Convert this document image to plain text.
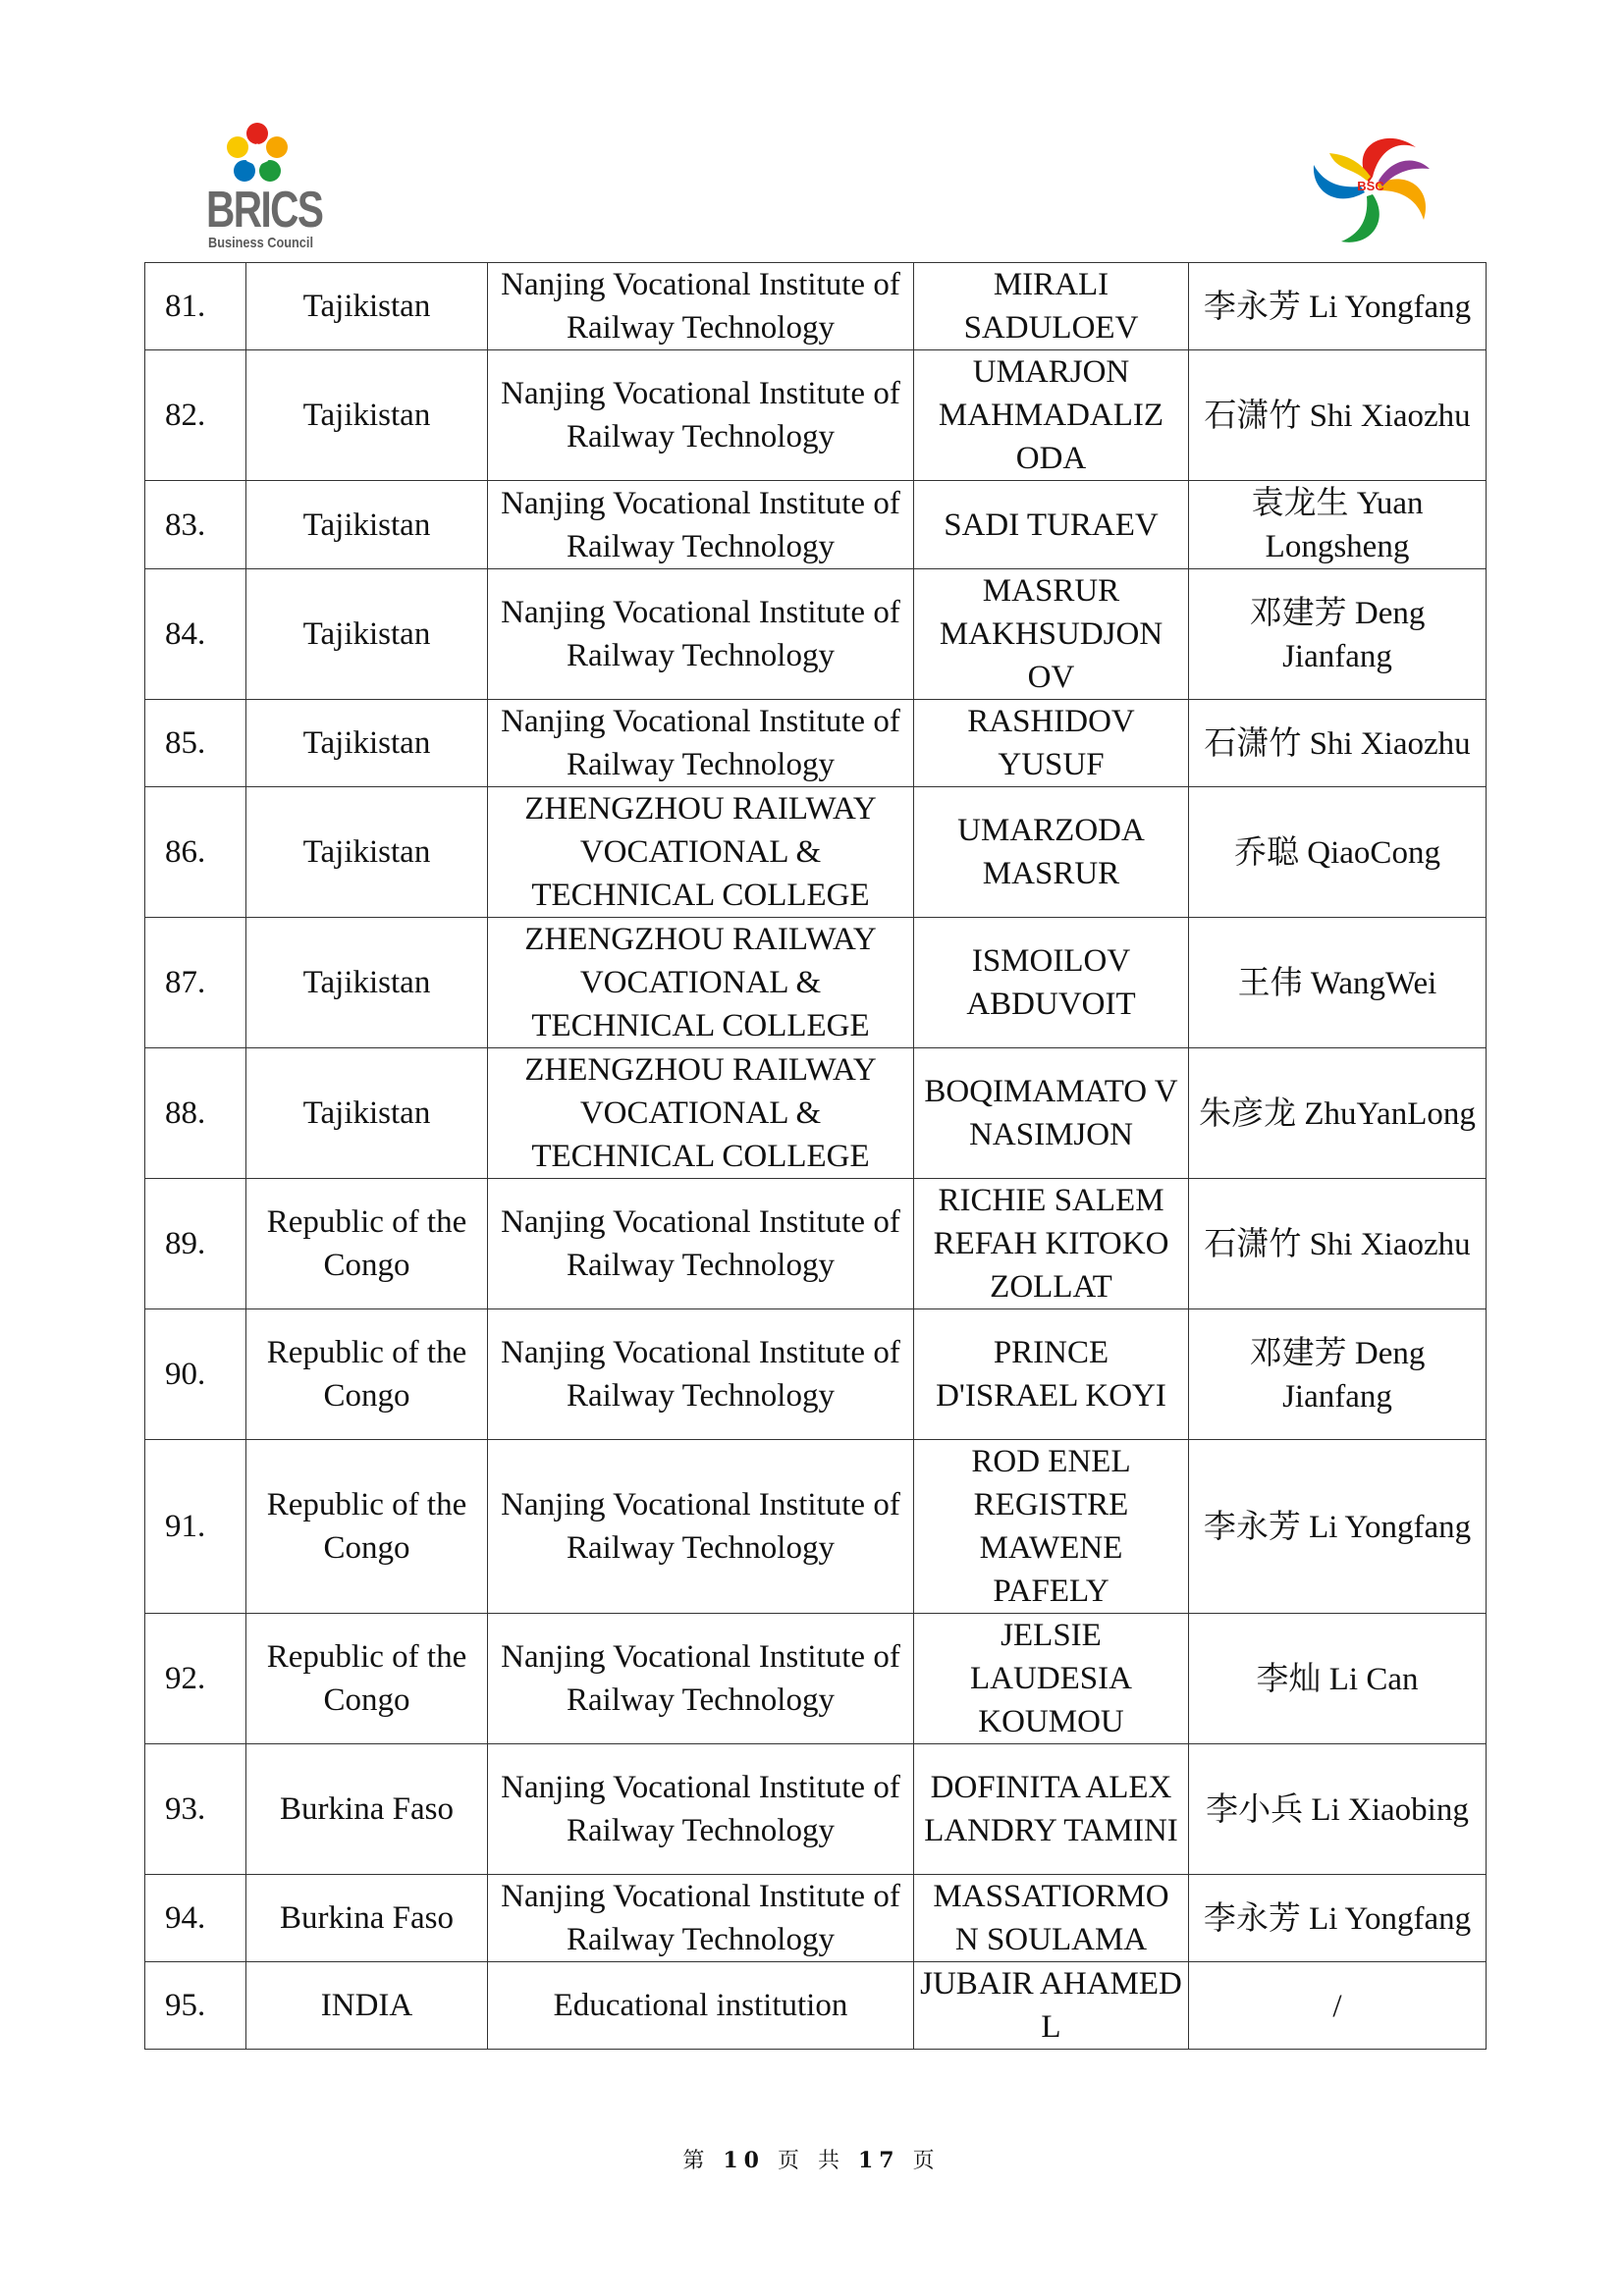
BRICS
Business Council
BSC
81.	Tajikistan	Nanjing Vocational Institute of Railway Technology	MIRALI SADULOEV	李永芳 Li Yongfang
82.	Tajikistan	Nanjing Vocational Institute of Railway Technology	UMARJON MAHMADALIZ ODA	石潇竹 Shi Xiaozhu
83.	Tajikistan	Nanjing Vocational Institute of Railway Technology	SADI TURAEV	袁龙生 Yuan Longsheng
84.	Tajikistan	Nanjing Vocational Institute of Railway Technology	MASRUR MAKHSUDJON OV	邓建芳 Deng Jianfang
85.	Tajikistan	Nanjing Vocational Institute of Railway Technology	RASHIDOV YUSUF	石潇竹 Shi Xiaozhu
86.	Tajikistan	ZHENGZHOU RAILWAY VOCATIONAL & TECHNICAL COLLEGE	UMARZODA MASRUR	乔聪 QiaoCong
87.	Tajikistan	ZHENGZHOU RAILWAY VOCATIONAL & TECHNICAL COLLEGE	ISMOILOV ABDUVOIT	王伟 WangWei
88.	Tajikistan	ZHENGZHOU RAILWAY VOCATIONAL & TECHNICAL COLLEGE	BOQIMAMATO V NASIMJON	朱彦龙 ZhuYanLong
89.	Republic of the Congo	Nanjing Vocational Institute of Railway Technology	RICHIE SALEM REFAH KITOKO ZOLLAT	石潇竹 Shi Xiaozhu
90.	Republic of the Congo	Nanjing Vocational Institute of Railway Technology	PRINCE D'ISRAEL KOYI	邓建芳 Deng Jianfang
91.	Republic of the Congo	Nanjing Vocational Institute of Railway Technology	ROD ENEL REGISTRE MAWENE PAFELY	李永芳 Li Yongfang
92.	Republic of the Congo	Nanjing Vocational Institute of Railway Technology	JELSIE LAUDESIA KOUMOU	李灿 Li Can
93.	Burkina Faso	Nanjing Vocational Institute of Railway Technology	DOFINITA ALEX LANDRY TAMINI	李小兵 Li Xiaobing
94.	Burkina Faso	Nanjing Vocational Institute of Railway Technology	MASSATIORMO N SOULAMA	李永芳 Li Yongfang
95.	INDIA	Educational institution	JUBAIR AHAMED L	/
第 10 页 共 17 页
